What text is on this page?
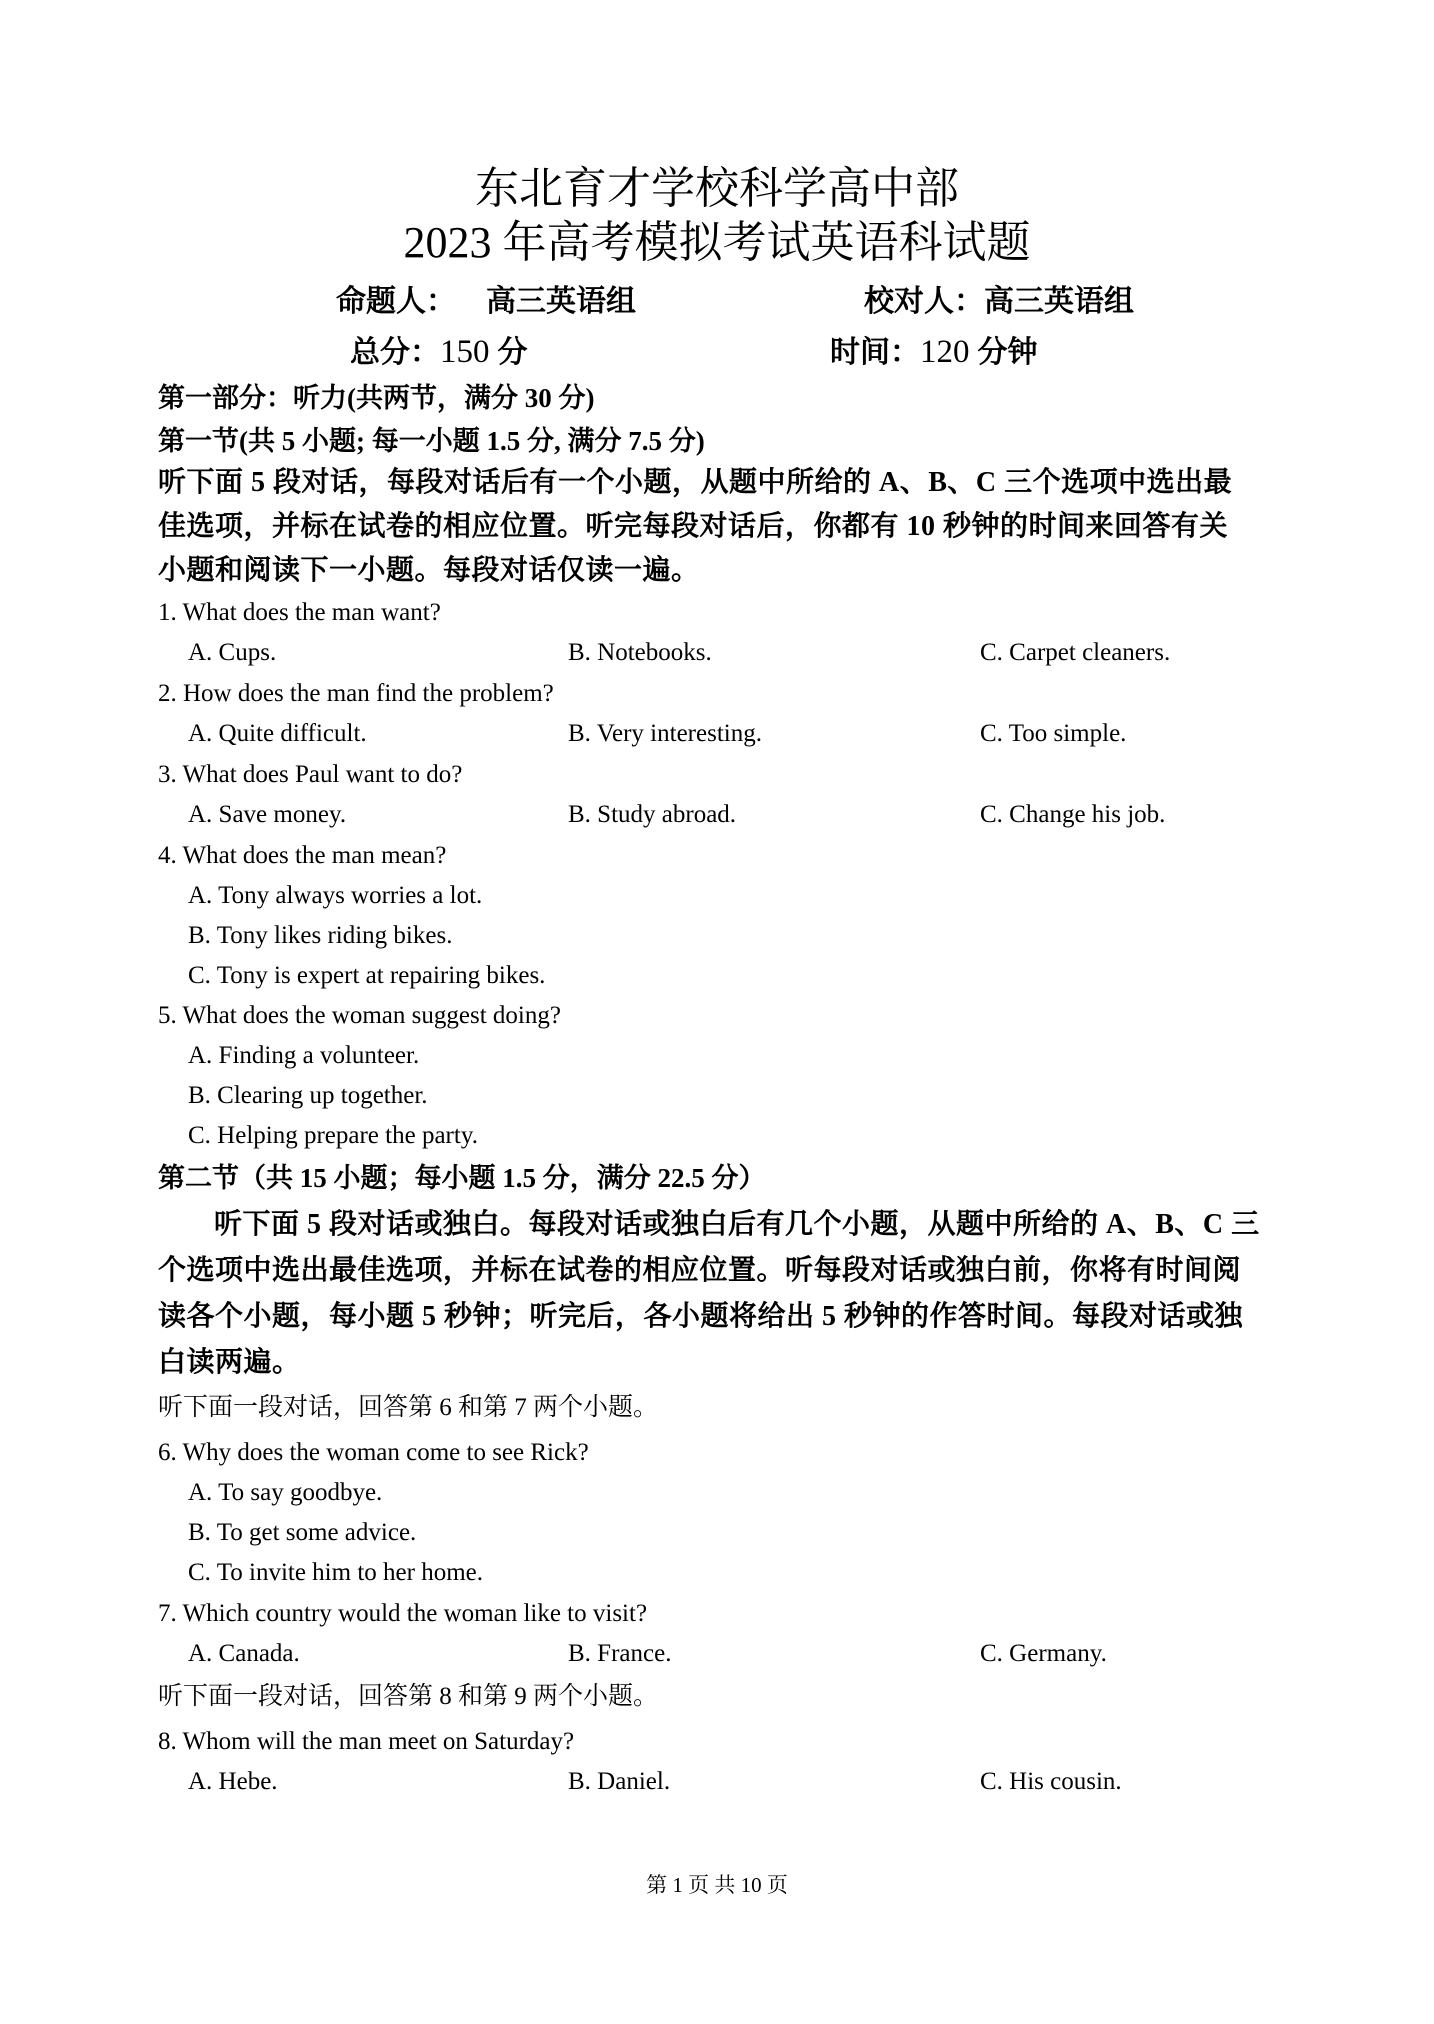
东北育才学校科学高中部
2023 年高考模拟考试英语科试题
命题人： 高三英语组	校对人：高三英语组
总分：150 分	时间：120 分钟
第一部分：听力(共两节，满分 30 分)
第一节(共 5 小题; 每一小题 1.5 分, 满分 7.5 分)
听下面 5 段对话，每段对话后有一个小题，从题中所给的 A、B、C 三个选项中选出最
佳选项，并标在试卷的相应位置。听完每段对话后，你都有 10 秒钟的时间来回答有关
小题和阅读下一小题。每段对话仅读一遍。
1. What does the man want?
A. Cups.	B. Notebooks.	C. Carpet cleaners.
2. How does the man find the problem?
A. Quite difficult.	B. Very interesting.	C. Too simple.
3. What does Paul want to do?
A. Save money.	B. Study abroad.	C. Change his job.
4. What does the man mean?
A. Tony always worries a lot.
B. Tony likes riding bikes.
C. Tony is expert at repairing bikes.
5. What does the woman suggest doing?
A. Finding a volunteer.
B. Clearing up together.
C. Helping prepare the party.
第二节（共 15 小题；每小题 1.5 分，满分 22.5 分）
听下面 5 段对话或独白。每段对话或独白后有几个小题，从题中所给的 A、B、C 三
个选项中选出最佳选项，并标在试卷的相应位置。听每段对话或独白前，你将有时间阅
读各个小题，每小题 5 秒钟；听完后，各小题将给出 5 秒钟的作答时间。每段对话或独
白读两遍。
听下面一段对话，回答第 6 和第 7 两个小题。
6. Why does the woman come to see Rick?
A. To say goodbye.
B. To get some advice.
C. To invite him to her home.
7. Which country would the woman like to visit?
A. Canada.	B. France.	C. Germany.
听下面一段对话，回答第 8 和第 9 两个小题。
8. Whom will the man meet on Saturday?
A. Hebe.	B. Daniel.	C. His cousin.
第 1 页 共 10 页
